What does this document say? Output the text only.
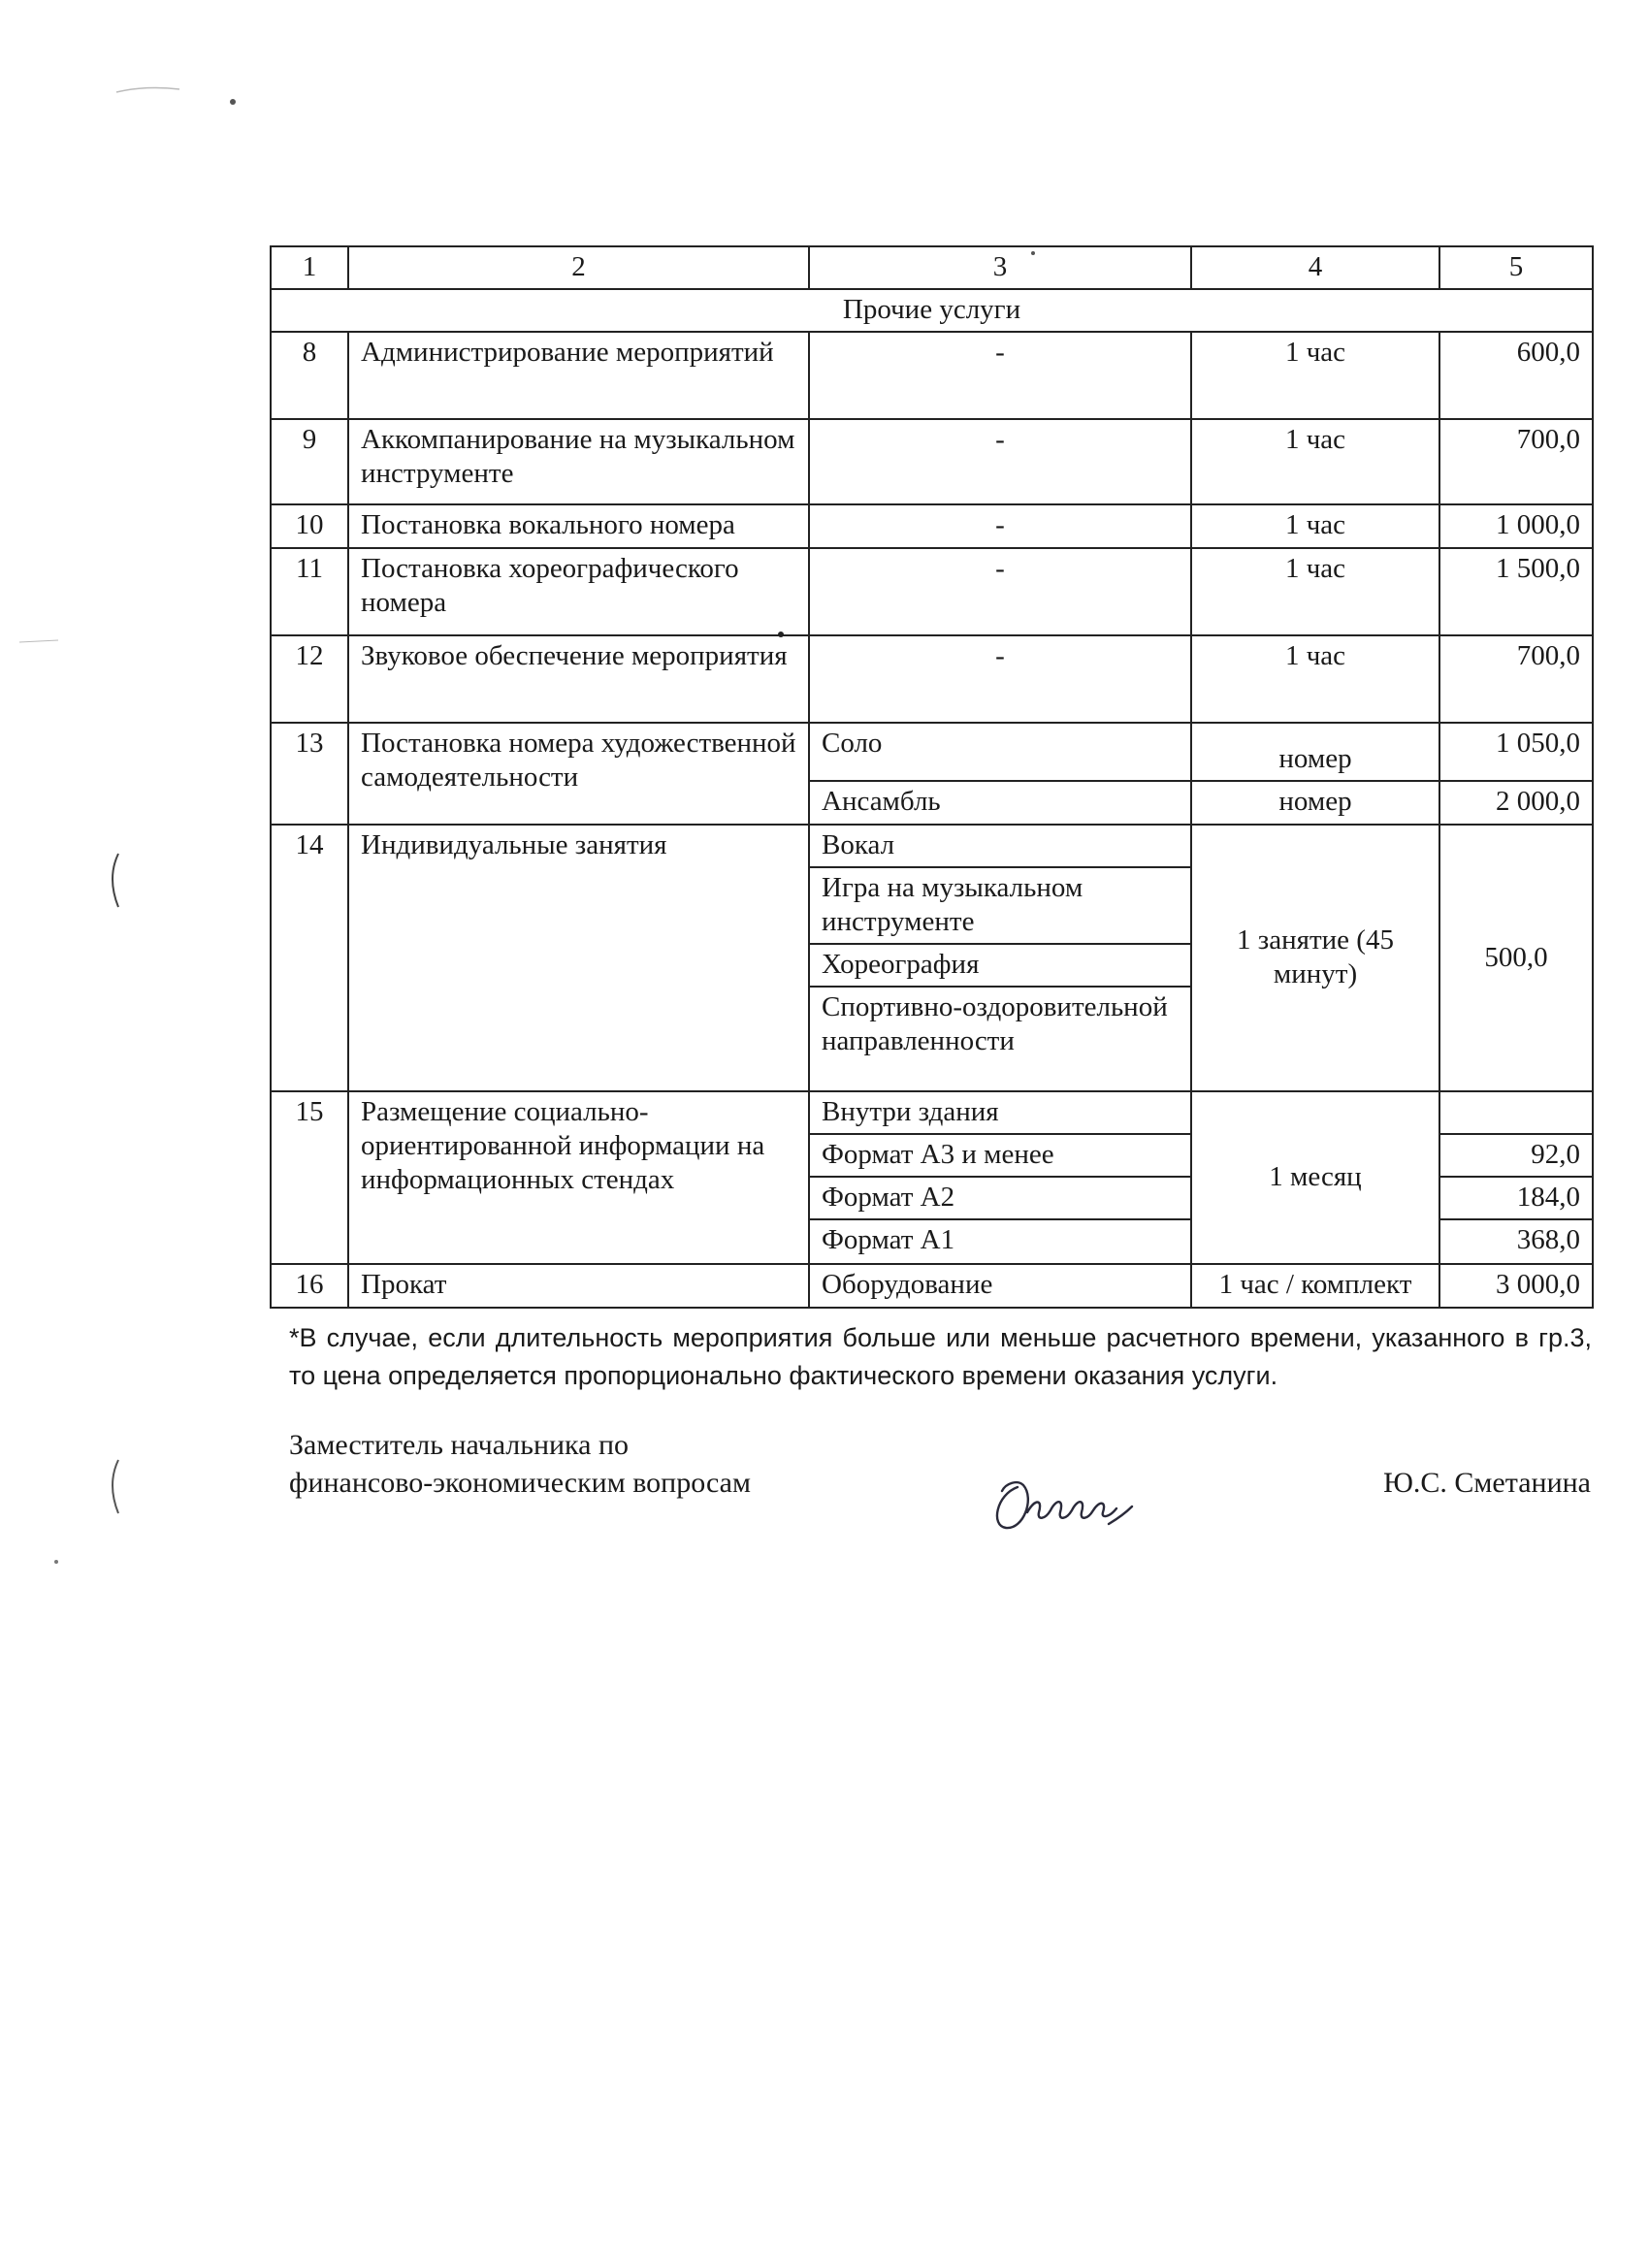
1	2	3	4	5
Прочие услуги				
8	Администрирование мероприятий	-	1 час	600,0
9	Аккомпанирование на музыкальном инструменте	-	1 час	700,0
10	Постановка вокального номера	-	1 час	1 000,0
11	Постановка хореографического номера	-	1 час	1 500,0
12	Звуковое обеспечение мероприятия	-	1 час	700,0
13	Постановка номера художественной самодеятельности	Соло	номер	1 050,0
		Ансамбль	номер	2 000,0
14	Индивидуальные занятия	Вокал	1 занятие (45 минут)	500,0
		Игра на музыкальном инструменте		
		Хореография		
		Спортивно-оздоровительной направленности		
15	Размещение социально-ориентированной информации на информационных стендах	Внутри здания	1 месяц	
		Формат А3 и менее		92,0
		Формат А2		184,0
		Формат А1		368,0
16	Прокат	Оборудование	1 час / комплект	3 000,0
*В случае, если длительность мероприятия больше или меньше расчетного времени, указанного в гр.3, то цена определяется пропорционально фактического времени оказания услуги.
Заместитель начальника по
финансово-экономическим вопросам	Ю.С. Сметанина
